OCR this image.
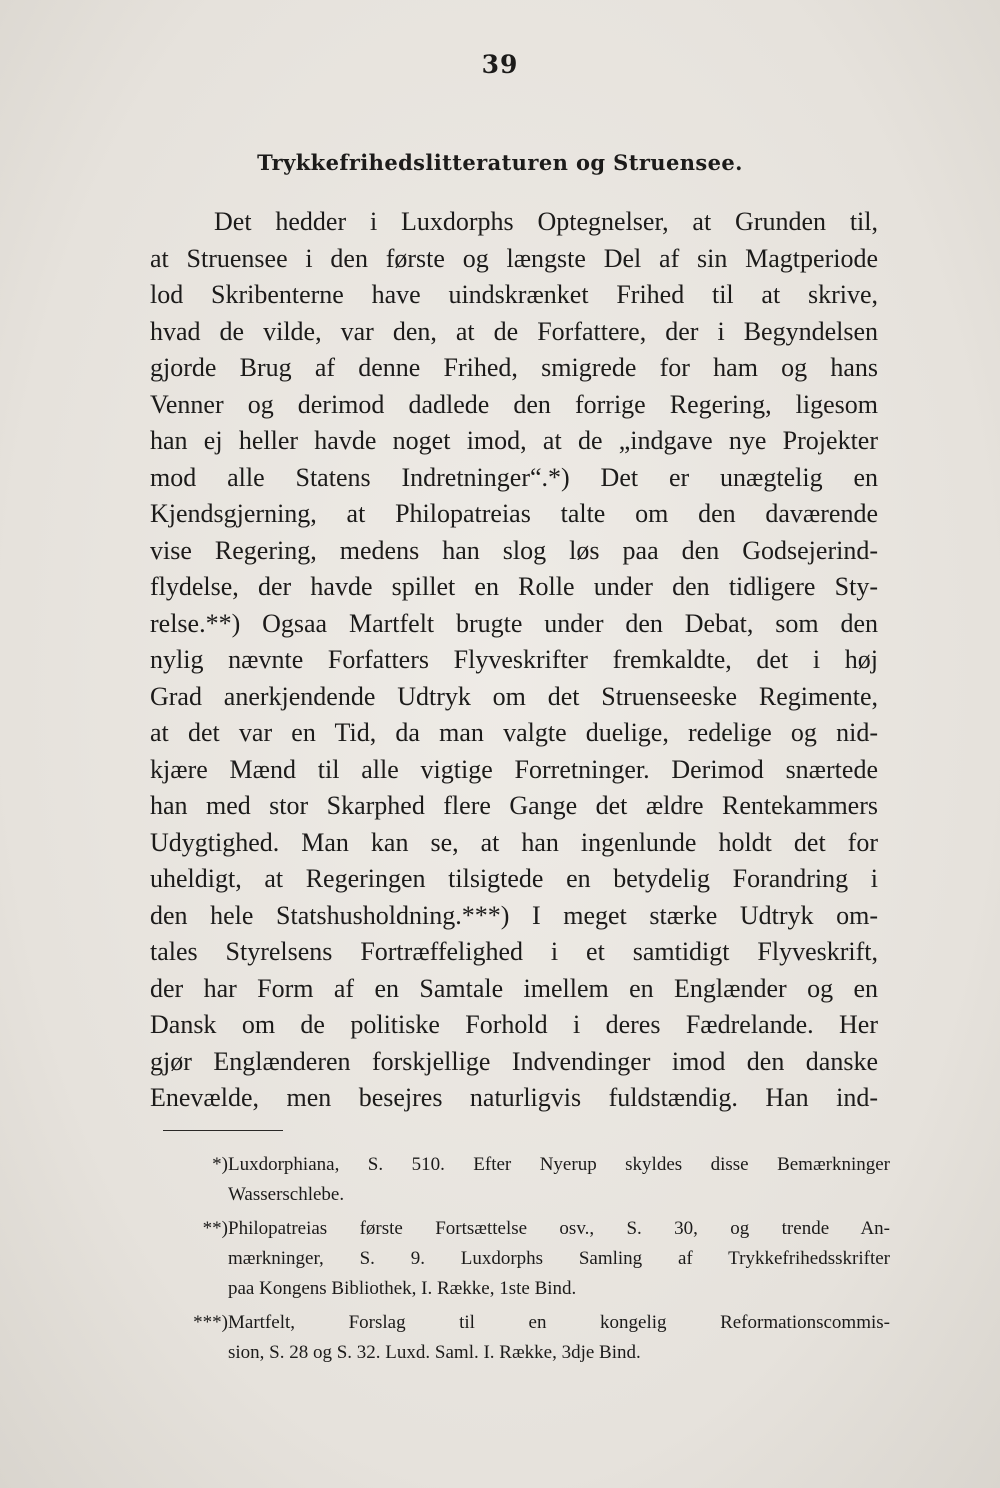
39
Trykkefrihedslitteraturen og Struensee.
Det hedder i Luxdorphs Optegnelser, at Grunden til,
at Struensee i den første og længste Del af sin Magtperiode
lod Skribenterne have uindskrænket Frihed til at skrive,
hvad de vilde, var den, at de Forfattere, der i Begyndelsen
gjorde Brug af denne Frihed, smigrede for ham og hans
Venner og derimod dadlede den forrige Regering, ligesom
han ej heller havde noget imod, at de „indgave nye Projekter
mod alle Statens Indretninger“.*) Det er unægtelig en
Kjendsgjerning, at Philopatreias talte om den daværende
vise Regering, medens han slog løs paa den Godsejerind-
flydelse, der havde spillet en Rolle under den tidligere Sty-
relse.**) Ogsaa Martfelt brugte under den Debat, som den
nylig nævnte Forfatters Flyveskrifter fremkaldte, det i høj
Grad anerkjendende Udtryk om det Struenseeske Regimente,
at det var en Tid, da man valgte duelige, redelige og nid-
kjære Mænd til alle vigtige Forretninger. Derimod snærtede
han med stor Skarphed flere Gange det ældre Rentekammers
Udygtighed. Man kan se, at han ingenlunde holdt det for
uheldigt, at Regeringen tilsigtede en betydelig Forandring i
den hele Statshusholdning.***) I meget stærke Udtryk om-
tales Styrelsens Fortræffelighed i et samtidigt Flyveskrift,
der har Form af en Samtale imellem en Englænder og en
Dansk om de politiske Forhold i deres Fædrelande. Her
gjør Englænderen forskjellige Indvendinger imod den danske
Enevælde, men besejres naturligvis fuldstændig. Han ind-
*) Luxdorphiana, S. 510. Efter Nyerup skyldes disse Bemærkninger
Wasserschlebe.
**) Philopatreias første Fortsættelse osv., S. 30, og trende An-
mærkninger, S. 9. Luxdorphs Samling af Trykkefrihedsskrifter
paa Kongens Bibliothek, I. Række, 1ste Bind.
***) Martfelt, Forslag til en kongelig Reformationscommis-
sion, S. 28 og S. 32. Luxd. Saml. I. Række, 3dje Bind.
